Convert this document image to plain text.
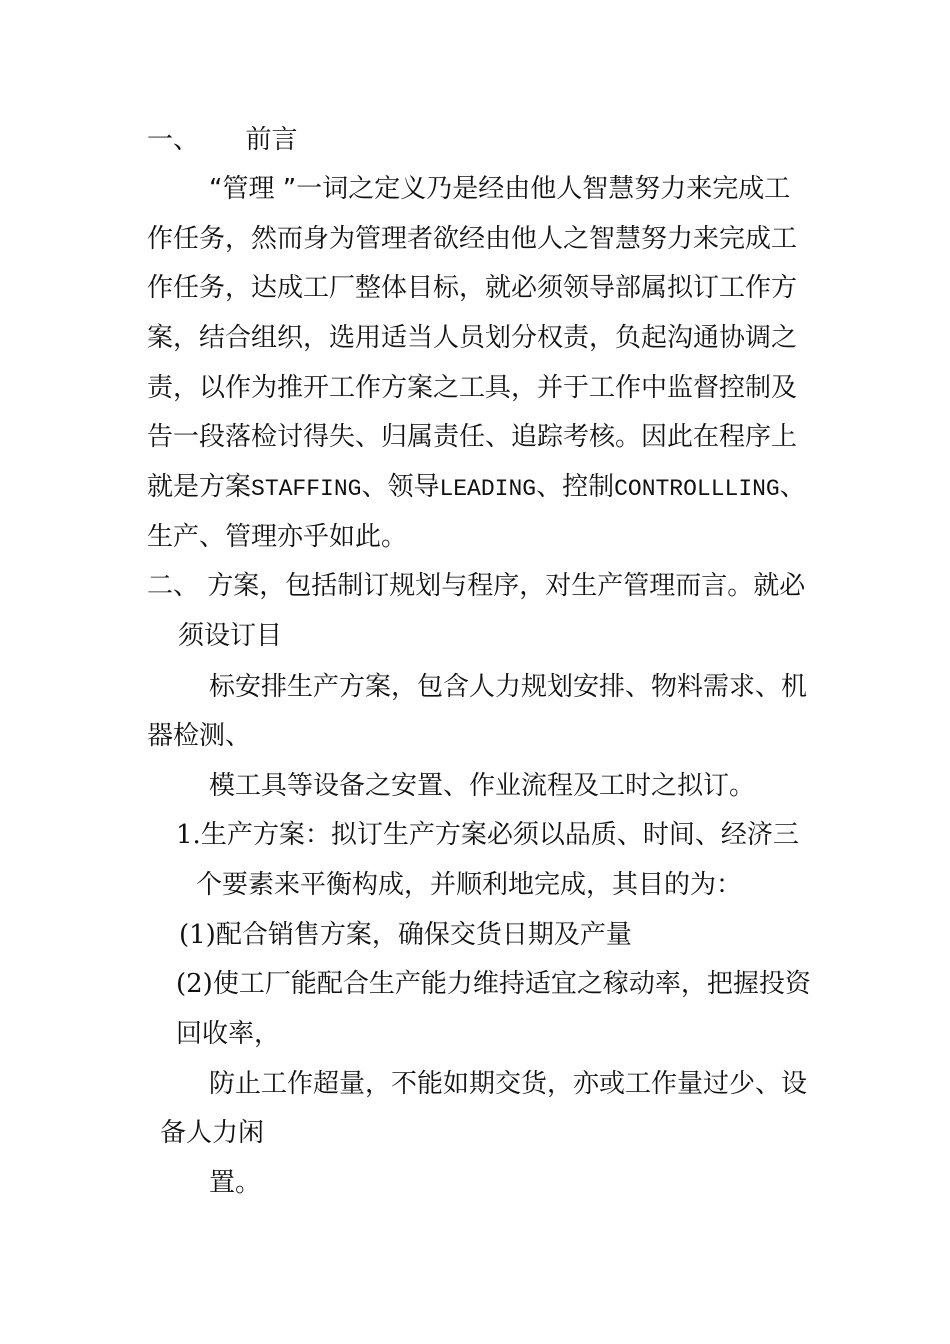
一、 前言
“管理 ”一词之定义乃是经由他人智慧努力来完成工
作任务，然而身为管理者欲经由他人之智慧努力来完成工
作任务，达成工厂整体目标，就必须领导部属拟订工作方
案，结合组织，选用适当人员划分权责，负起沟通协调之
责，以作为推开工作方案之工具，并于工作中监督控制及
告一段落检讨得失、归属责任、追踪考核。因此在程序上
就是方案STAFFING、领导LEADING、控制CONTROLLLING、
生产、管理亦乎如此。
二、 方案，包括制订规划与程序，对生产管理而言。就必
须设订目
标安排生产方案，包含人力规划安排、物料需求、机
器检测、
模工具等设备之安置、作业流程及工时之拟订。
1.生产方案：拟订生产方案必须以品质、时间、经济三
个要素来平衡构成，并顺利地完成，其目的为：
(1)配合销售方案，确保交货日期及产量
(2)使工厂能配合生产能力维持适宜之稼动率，把握投资
回收率，
防止工作超量，不能如期交货，亦或工作量过少、设
备人力闲
置。
